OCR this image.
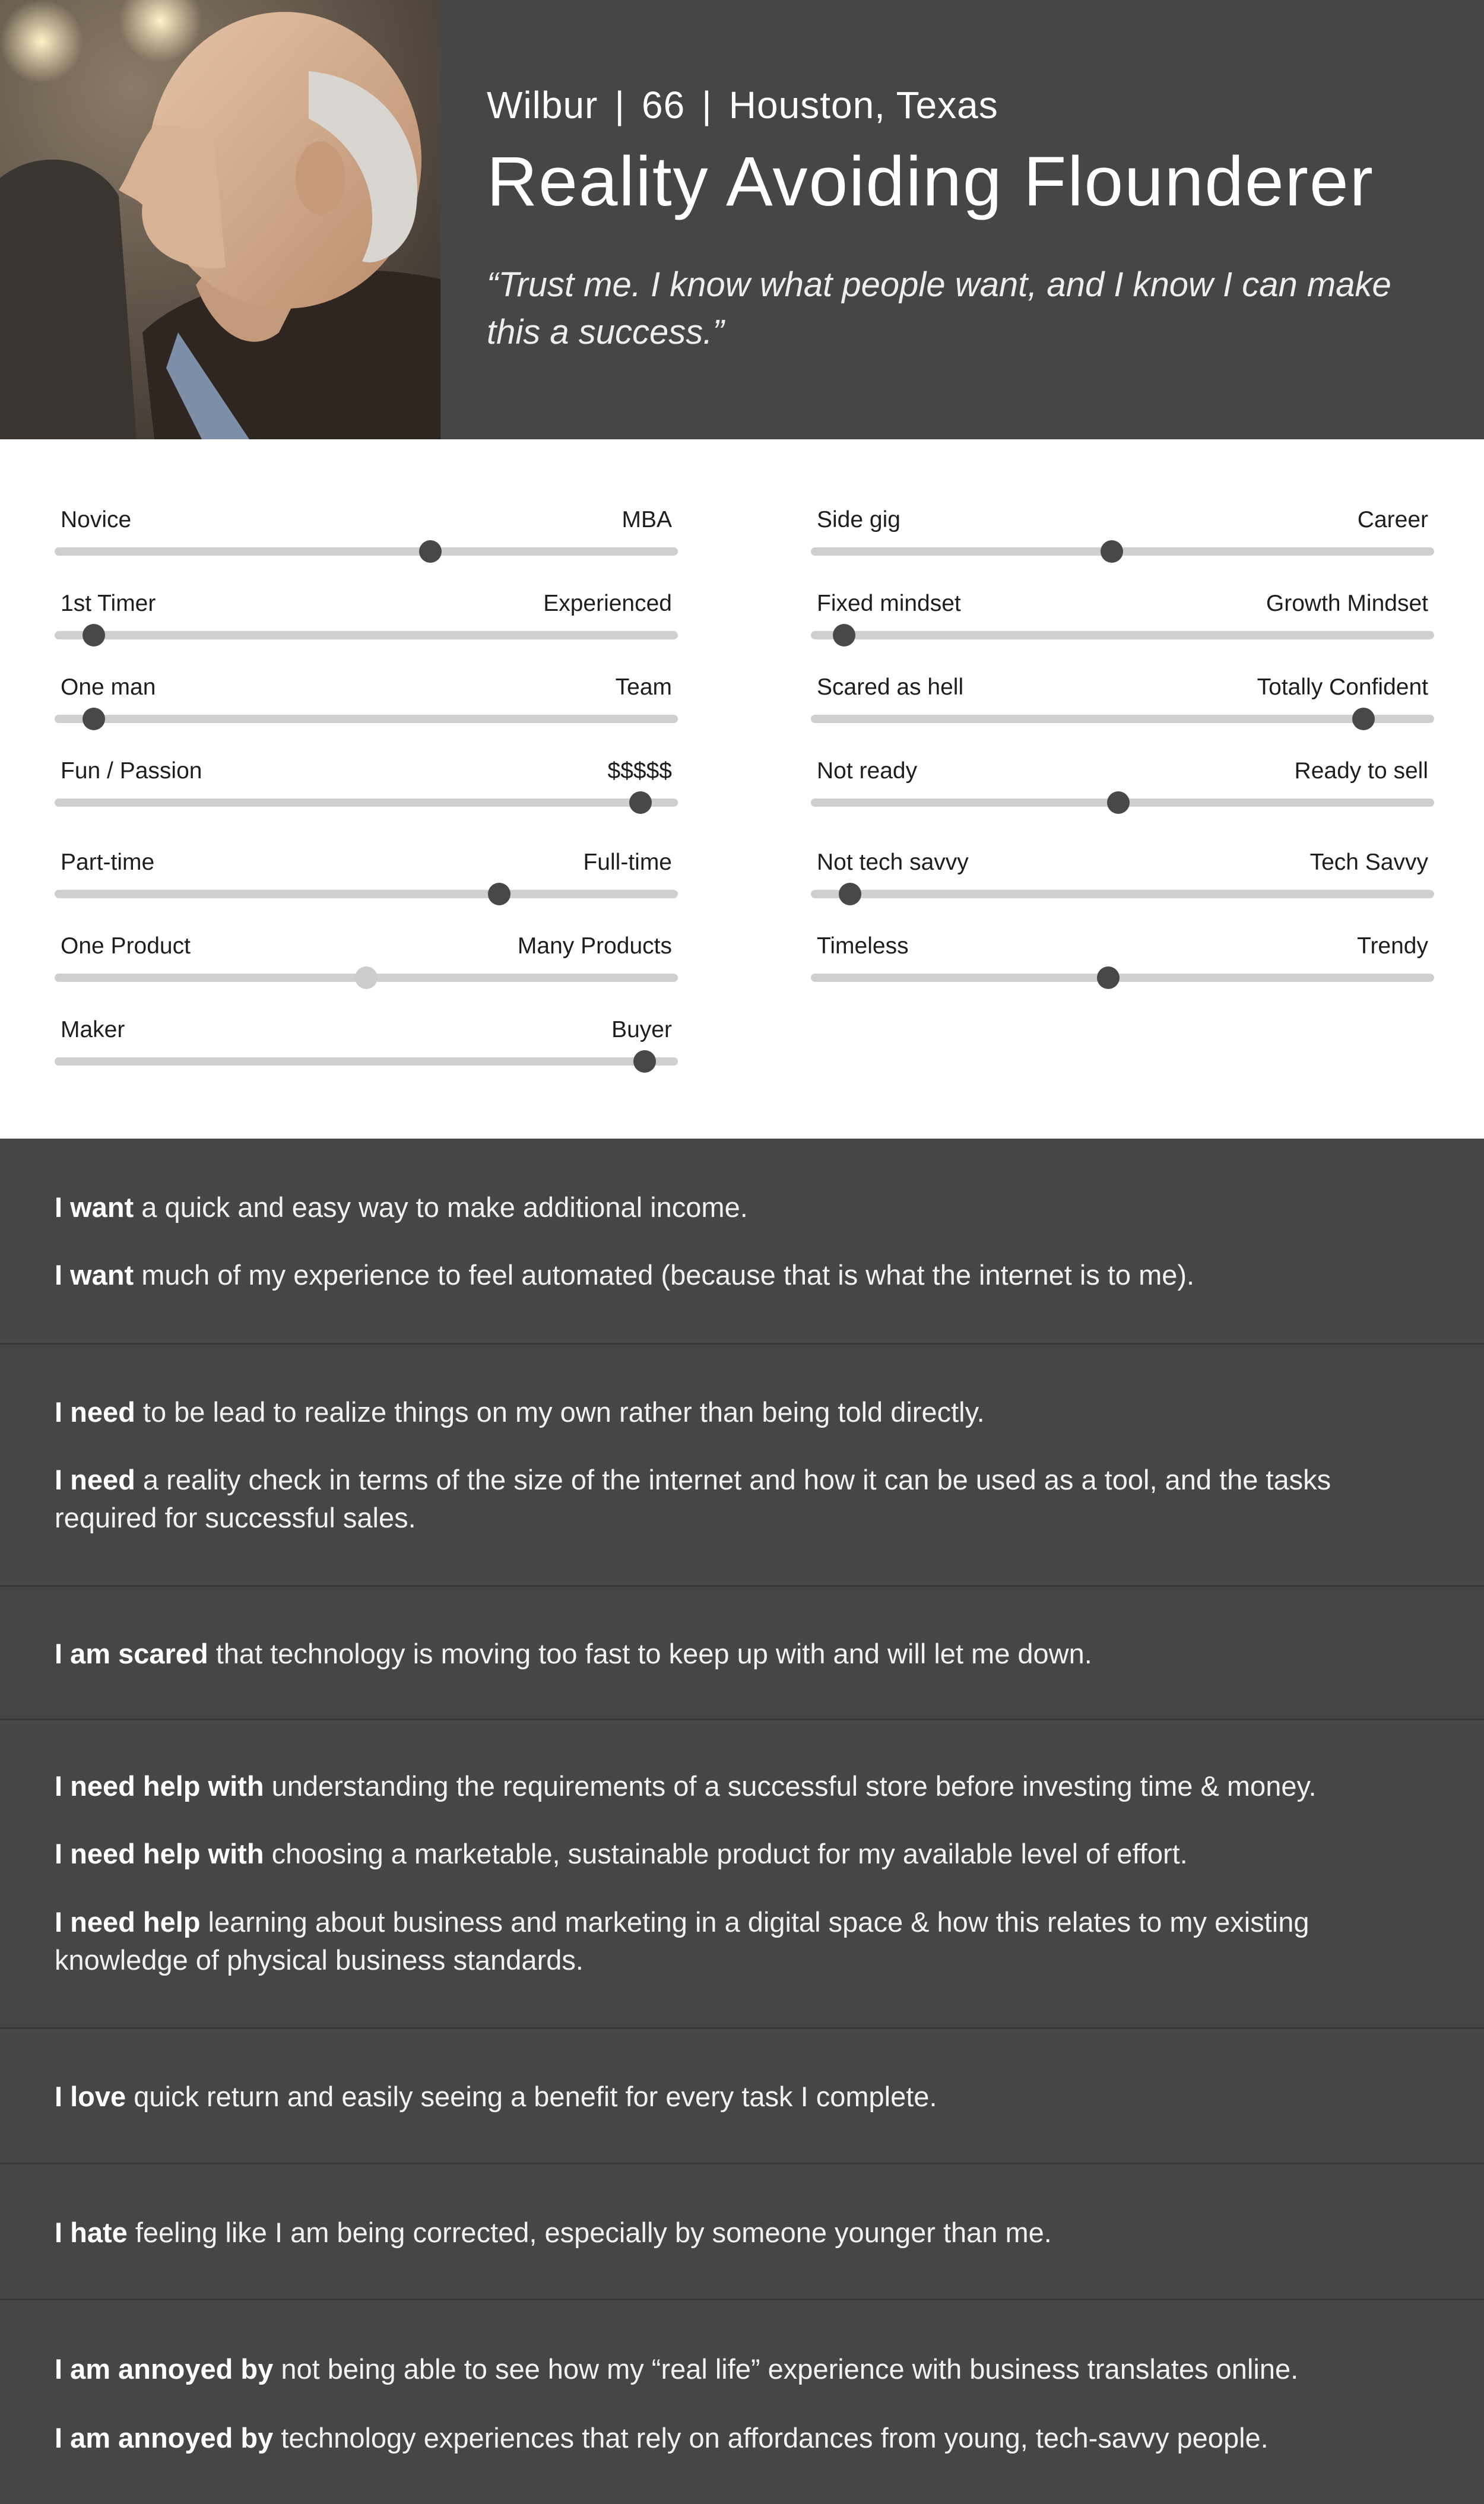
Wilbur | 66 | Houston, Texas
Reality Avoiding Flounderer
“Trust me. I know what people want, and I know I can make this a success.”
Novice	MBA
1st Timer	Experienced
One man	Team
Fun / Passion	$$$$$
Part-time	Full-time
One Product	Many Products
Maker	Buyer
Side gig	Career
Fixed mindset	Growth Mindset
Scared as hell	Totally Confident
Not ready	Ready to sell
Not tech savvy	Tech Savvy
Timeless	Trendy

I want a quick and easy way to make additional income.

I want much of my experience to feel automated (because that is what the internet is to me).

I need to be lead to realize things on my own rather than being told directly.

I need a reality check in terms of the size of the internet and how it can be used as a tool, and the tasks required for successful sales.

I am scared that technology is moving too fast to keep up with and will let me down.

I need help with understanding the requirements of a successful store before investing time & money.

I need help with choosing a marketable, sustainable product for my available level of effort.

I need help learning about business and marketing in a digital space & how this relates to my existing knowledge of physical business standards.

I love quick return and easily seeing a benefit for every task I complete.

I hate feeling like I am being corrected, especially by someone younger than me.

I am annoyed by not being able to see how my “real life” experience with business translates online.

I am annoyed by technology experiences that rely on affordances from young, tech-savvy people.
